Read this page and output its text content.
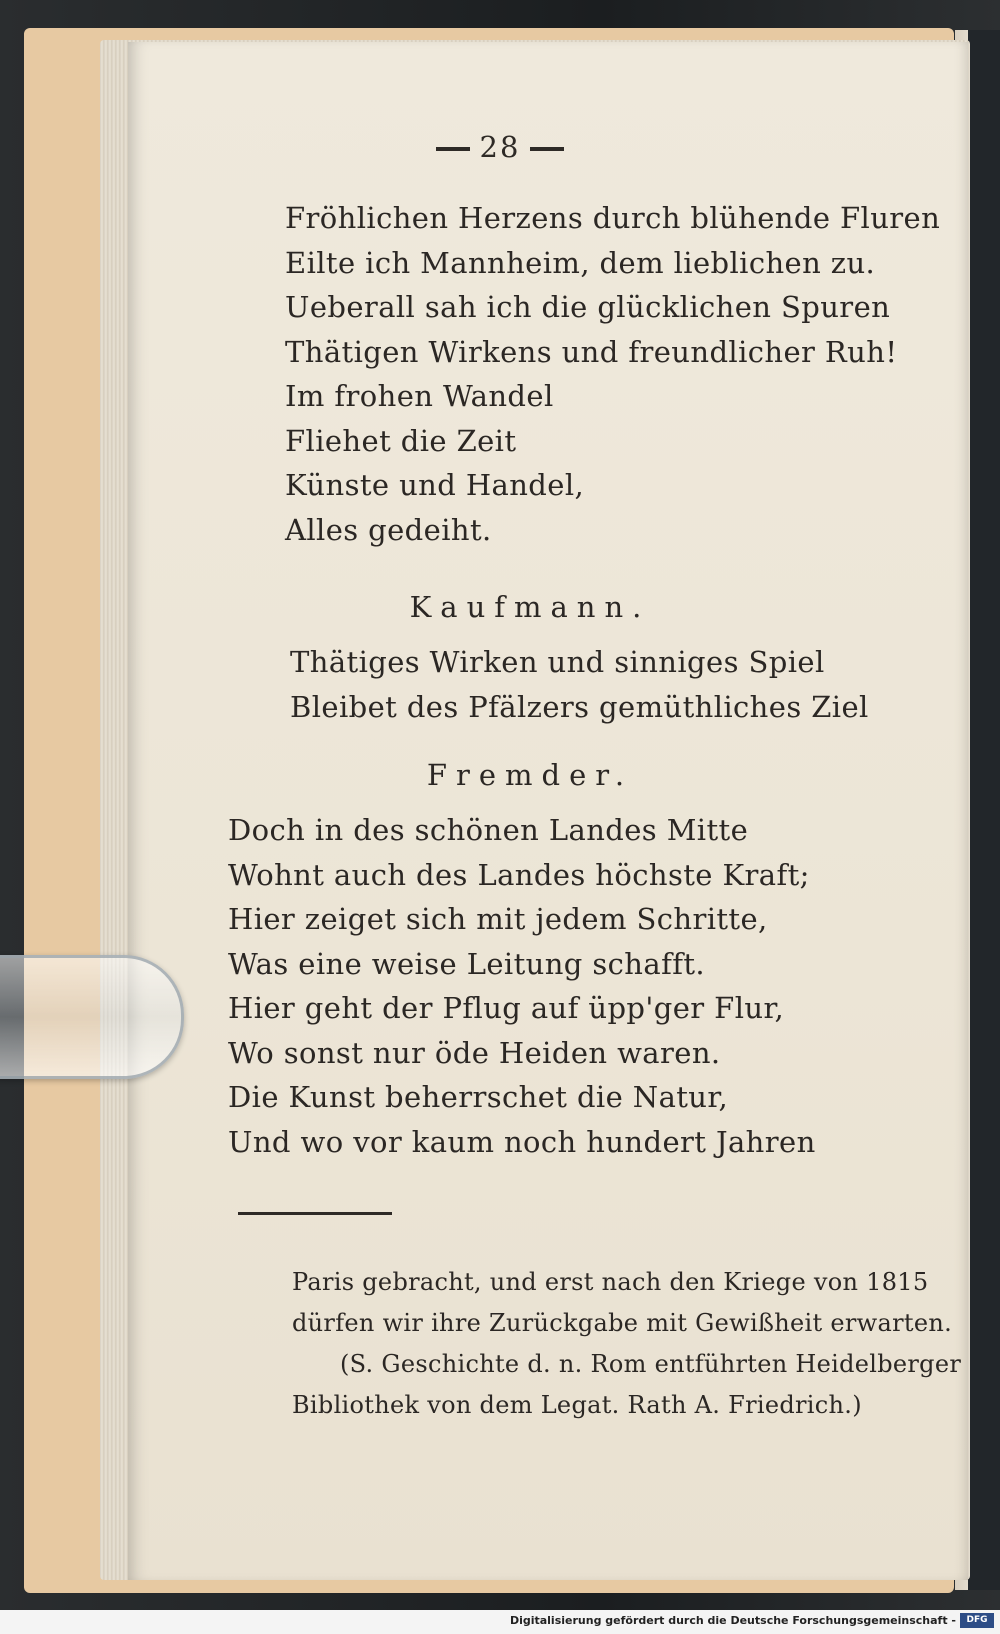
28
Fröhlichen Herzens durch blühende Fluren
Eilte ich Mannheim, dem lieblichen zu.
Ueberall sah ich die glücklichen Spuren
Thätigen Wirkens und freundlicher Ruh!
Im frohen Wandel
Fliehet die Zeit
Künste und Handel,
Alles gedeiht.
Kaufmann.
Thätiges Wirken und sinniges Spiel
Bleibet des Pfälzers gemüthliches Ziel
Fremder.
Doch in des schönen Landes Mitte
Wohnt auch des Landes höchste Kraft;
Hier zeiget sich mit jedem Schritte,
Was eine weise Leitung schafft.
Hier geht der Pflug auf üpp'ger Flur,
Wo sonst nur öde Heiden waren.
Die Kunst beherrschet die Natur,
Und wo vor kaum noch hundert Jahren
Paris gebracht, und erst nach den Kriege von 1815
dürfen wir ihre Zurückgabe mit Gewißheit erwarten.
(S. Geschichte d. n. Rom entführten Heidelberger
Bibliothek von dem Legat. Rath A. Friedrich.)
Digitalisierung gefördert durch die Deutsche Forschungsgemeinschaft -	DFG
